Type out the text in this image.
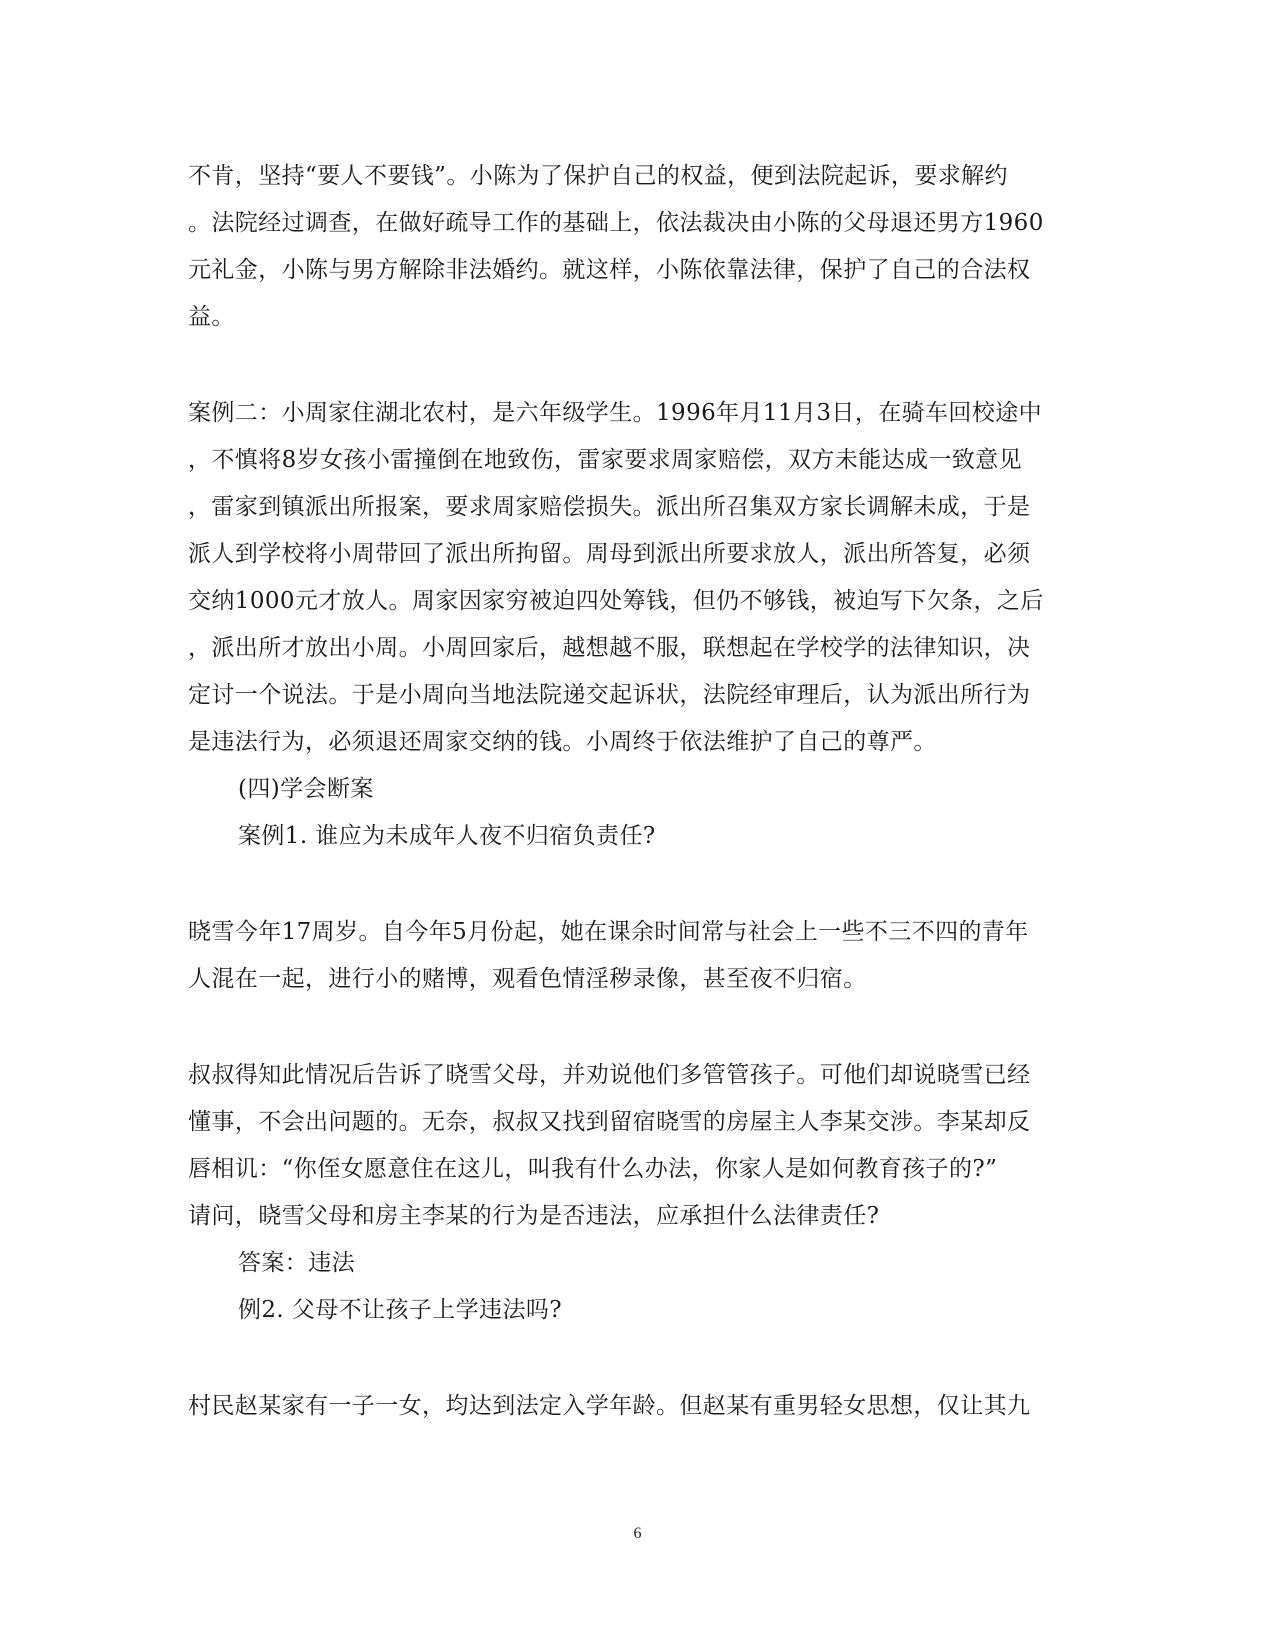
不肯，坚持“要人不要钱”。小陈为了保护自己的权益，便到法院起诉，要求解约
。法院经过调查，在做好疏导工作的基础上，依法裁决由小陈的父母退还男方1960
元礼金，小陈与男方解除非法婚约。就这样，小陈依靠法律，保护了自己的合法权
益。
案例二：小周家住湖北农村，是六年级学生。1996年月11月3日，在骑车回校途中
，不慎将8岁女孩小雷撞倒在地致伤，雷家要求周家赔偿，双方未能达成一致意见
，雷家到镇派出所报案，要求周家赔偿损失。派出所召集双方家长调解未成，于是
派人到学校将小周带回了派出所拘留。周母到派出所要求放人，派出所答复，必须
交纳1000元才放人。周家因家穷被迫四处筹钱，但仍不够钱，被迫写下欠条，之后
，派出所才放出小周。小周回家后，越想越不服，联想起在学校学的法律知识，决
定讨一个说法。于是小周向当地法院递交起诉状，法院经审理后，认为派出所行为
是违法行为，必须退还周家交纳的钱。小周终于依法维护了自己的尊严。
(四)学会断案
案例1. 谁应为未成年人夜不归宿负责任?
晓雪今年17周岁。自今年5月份起，她在课余时间常与社会上一些不三不四的青年
人混在一起，进行小的赌博，观看色情淫秽录像，甚至夜不归宿。
叔叔得知此情况后告诉了晓雪父母，并劝说他们多管管孩子。可他们却说晓雪已经
懂事，不会出问题的。无奈，叔叔又找到留宿晓雪的房屋主人李某交涉。李某却反
唇相讥：“你侄女愿意住在这儿，叫我有什么办法，你家人是如何教育孩子的?”
请问，晓雪父母和房主李某的行为是否违法，应承担什么法律责任?
答案：违法
例2. 父母不让孩子上学违法吗?
村民赵某家有一子一女，均达到法定入学年龄。但赵某有重男轻女思想，仅让其九
6
